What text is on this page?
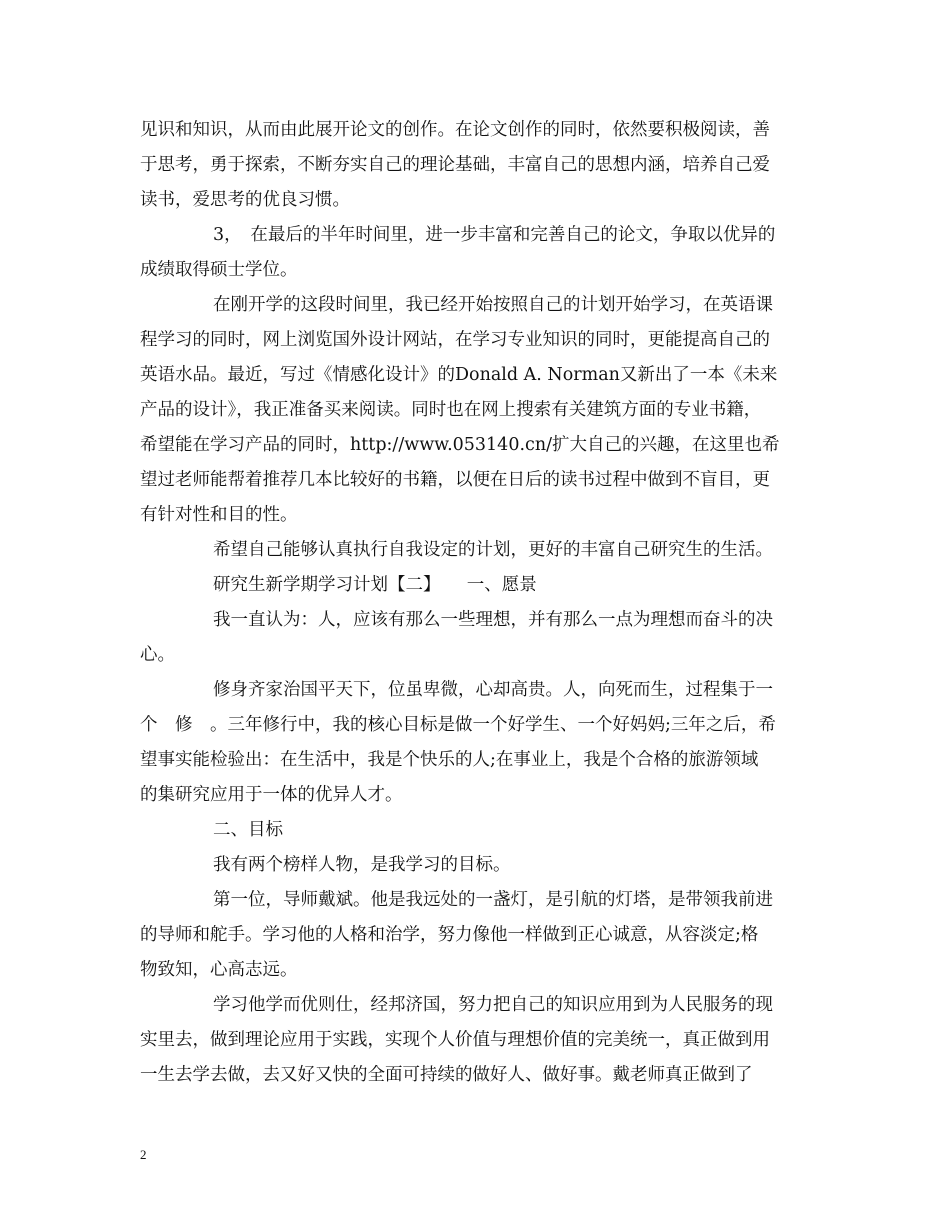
见识和知识，从而由此展开论文的创作。在论文创作的同时，依然要积极阅读，善
于思考，勇于探索，不断夯实自己的理论基础，丰富自己的思想内涵，培养自己爱
读书，爱思考的优良习惯。
3，　在最后的半年时间里，进一步丰富和完善自己的论文，争取以优异的
成绩取得硕士学位。
在刚开学的这段时间里，我已经开始按照自己的计划开始学习，在英语课
程学习的同时，网上浏览国外设计网站，在学习专业知识的同时，更能提高自己的
英语水品。最近，写过《情感化设计》的Donald A. Norman又新出了一本《未来
产品的设计》，我正准备买来阅读。同时也在网上搜索有关建筑方面的专业书籍，
希望能在学习产品的同时，http://www.053140.cn/扩大自己的兴趣，在这里也希
望过老师能帮着推荐几本比较好的书籍，以便在日后的读书过程中做到不盲目，更
有针对性和目的性。
希望自己能够认真执行自我设定的计划，更好的丰富自己研究生的生活。
研究生新学期学习计划【二】　　一、愿景
我一直认为：人，应该有那么一些理想，并有那么一点为理想而奋斗的决
心。
修身齐家治国平天下，位虽卑微，心却高贵。人，向死而生，过程集于一
个　修　。三年修行中，我的核心目标是做一个好学生、一个好妈妈;三年之后，希
望事实能检验出：在生活中，我是个快乐的人;在事业上，我是个合格的旅游领域
的集研究应用于一体的优异人才。
二、目标
我有两个榜样人物，是我学习的目标。
第一位，导师戴斌。他是我远处的一盏灯，是引航的灯塔，是带领我前进
的导师和舵手。学习他的人格和治学，努力像他一样做到正心诚意，从容淡定;格
物致知，心高志远。
学习他学而优则仕，经邦济国，努力把自己的知识应用到为人民服务的现
实里去，做到理论应用于实践，实现个人价值与理想价值的完美统一，真正做到用
一生去学去做，去又好又快的全面可持续的做好人、做好事。戴老师真正做到了
2
